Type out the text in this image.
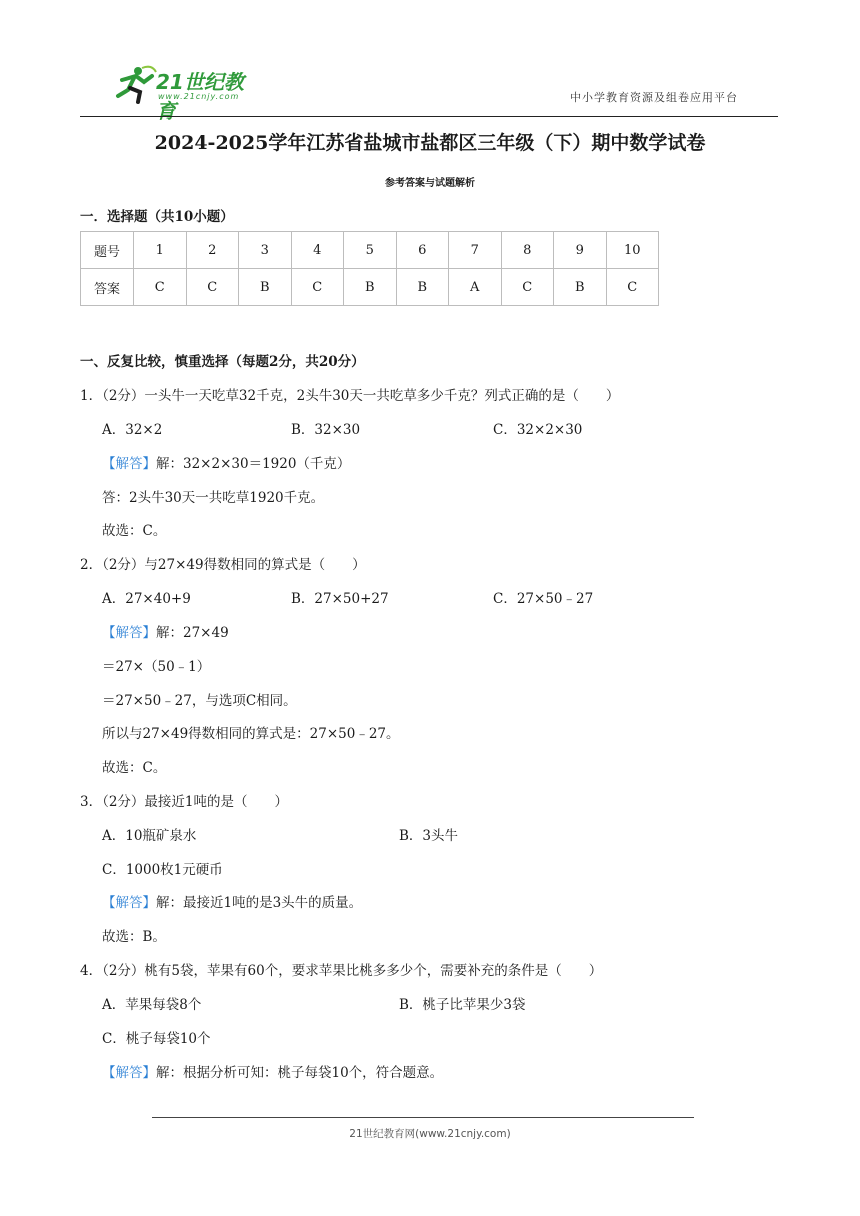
21世纪教育
www.21cnjy.com	中小学教育资源及组卷应用平台
2024-2025学年江苏省盐城市盐都区三年级（下）期中数学试卷
参考答案与试题解析
一．选择题（共10小题）
题号	1	2	3	4	5	6	7	8	9	10
答案	C	C	B	C	B	B	A	C	B	C
一、反复比较，慎重选择（每题2分，共20分）
1．（2分）一头牛一天吃草32千克，2头牛30天一共吃草多少千克？列式正确的是（　　）
A．32×2	B．32×30	C．32×2×30
【解答】解：32×2×30＝1920（千克）
答：2头牛30天一共吃草1920千克。
故选：C。
2．（2分）与27×49得数相同的算式是（　　）
A．27×40+9	B．27×50+27	C．27×50﹣27
【解答】解：27×49
＝27×（50﹣1）
＝27×50﹣27，与选项C相同。
所以与27×49得数相同的算式是：27×50﹣27。
故选：C。
3．（2分）最接近1吨的是（　　）
A．10瓶矿泉水	B．3头牛
C．1000枚1元硬币
【解答】解：最接近1吨的是3头牛的质量。
故选：B。
4．（2分）桃有5袋，苹果有60个，要求苹果比桃多多少个，需要补充的条件是（　　）
A．苹果每袋8个	B．桃子比苹果少3袋
C．桃子每袋10个
【解答】解：根据分析可知：桃子每袋10个，符合题意。
21世纪教育网(www.21cnjy.com)
